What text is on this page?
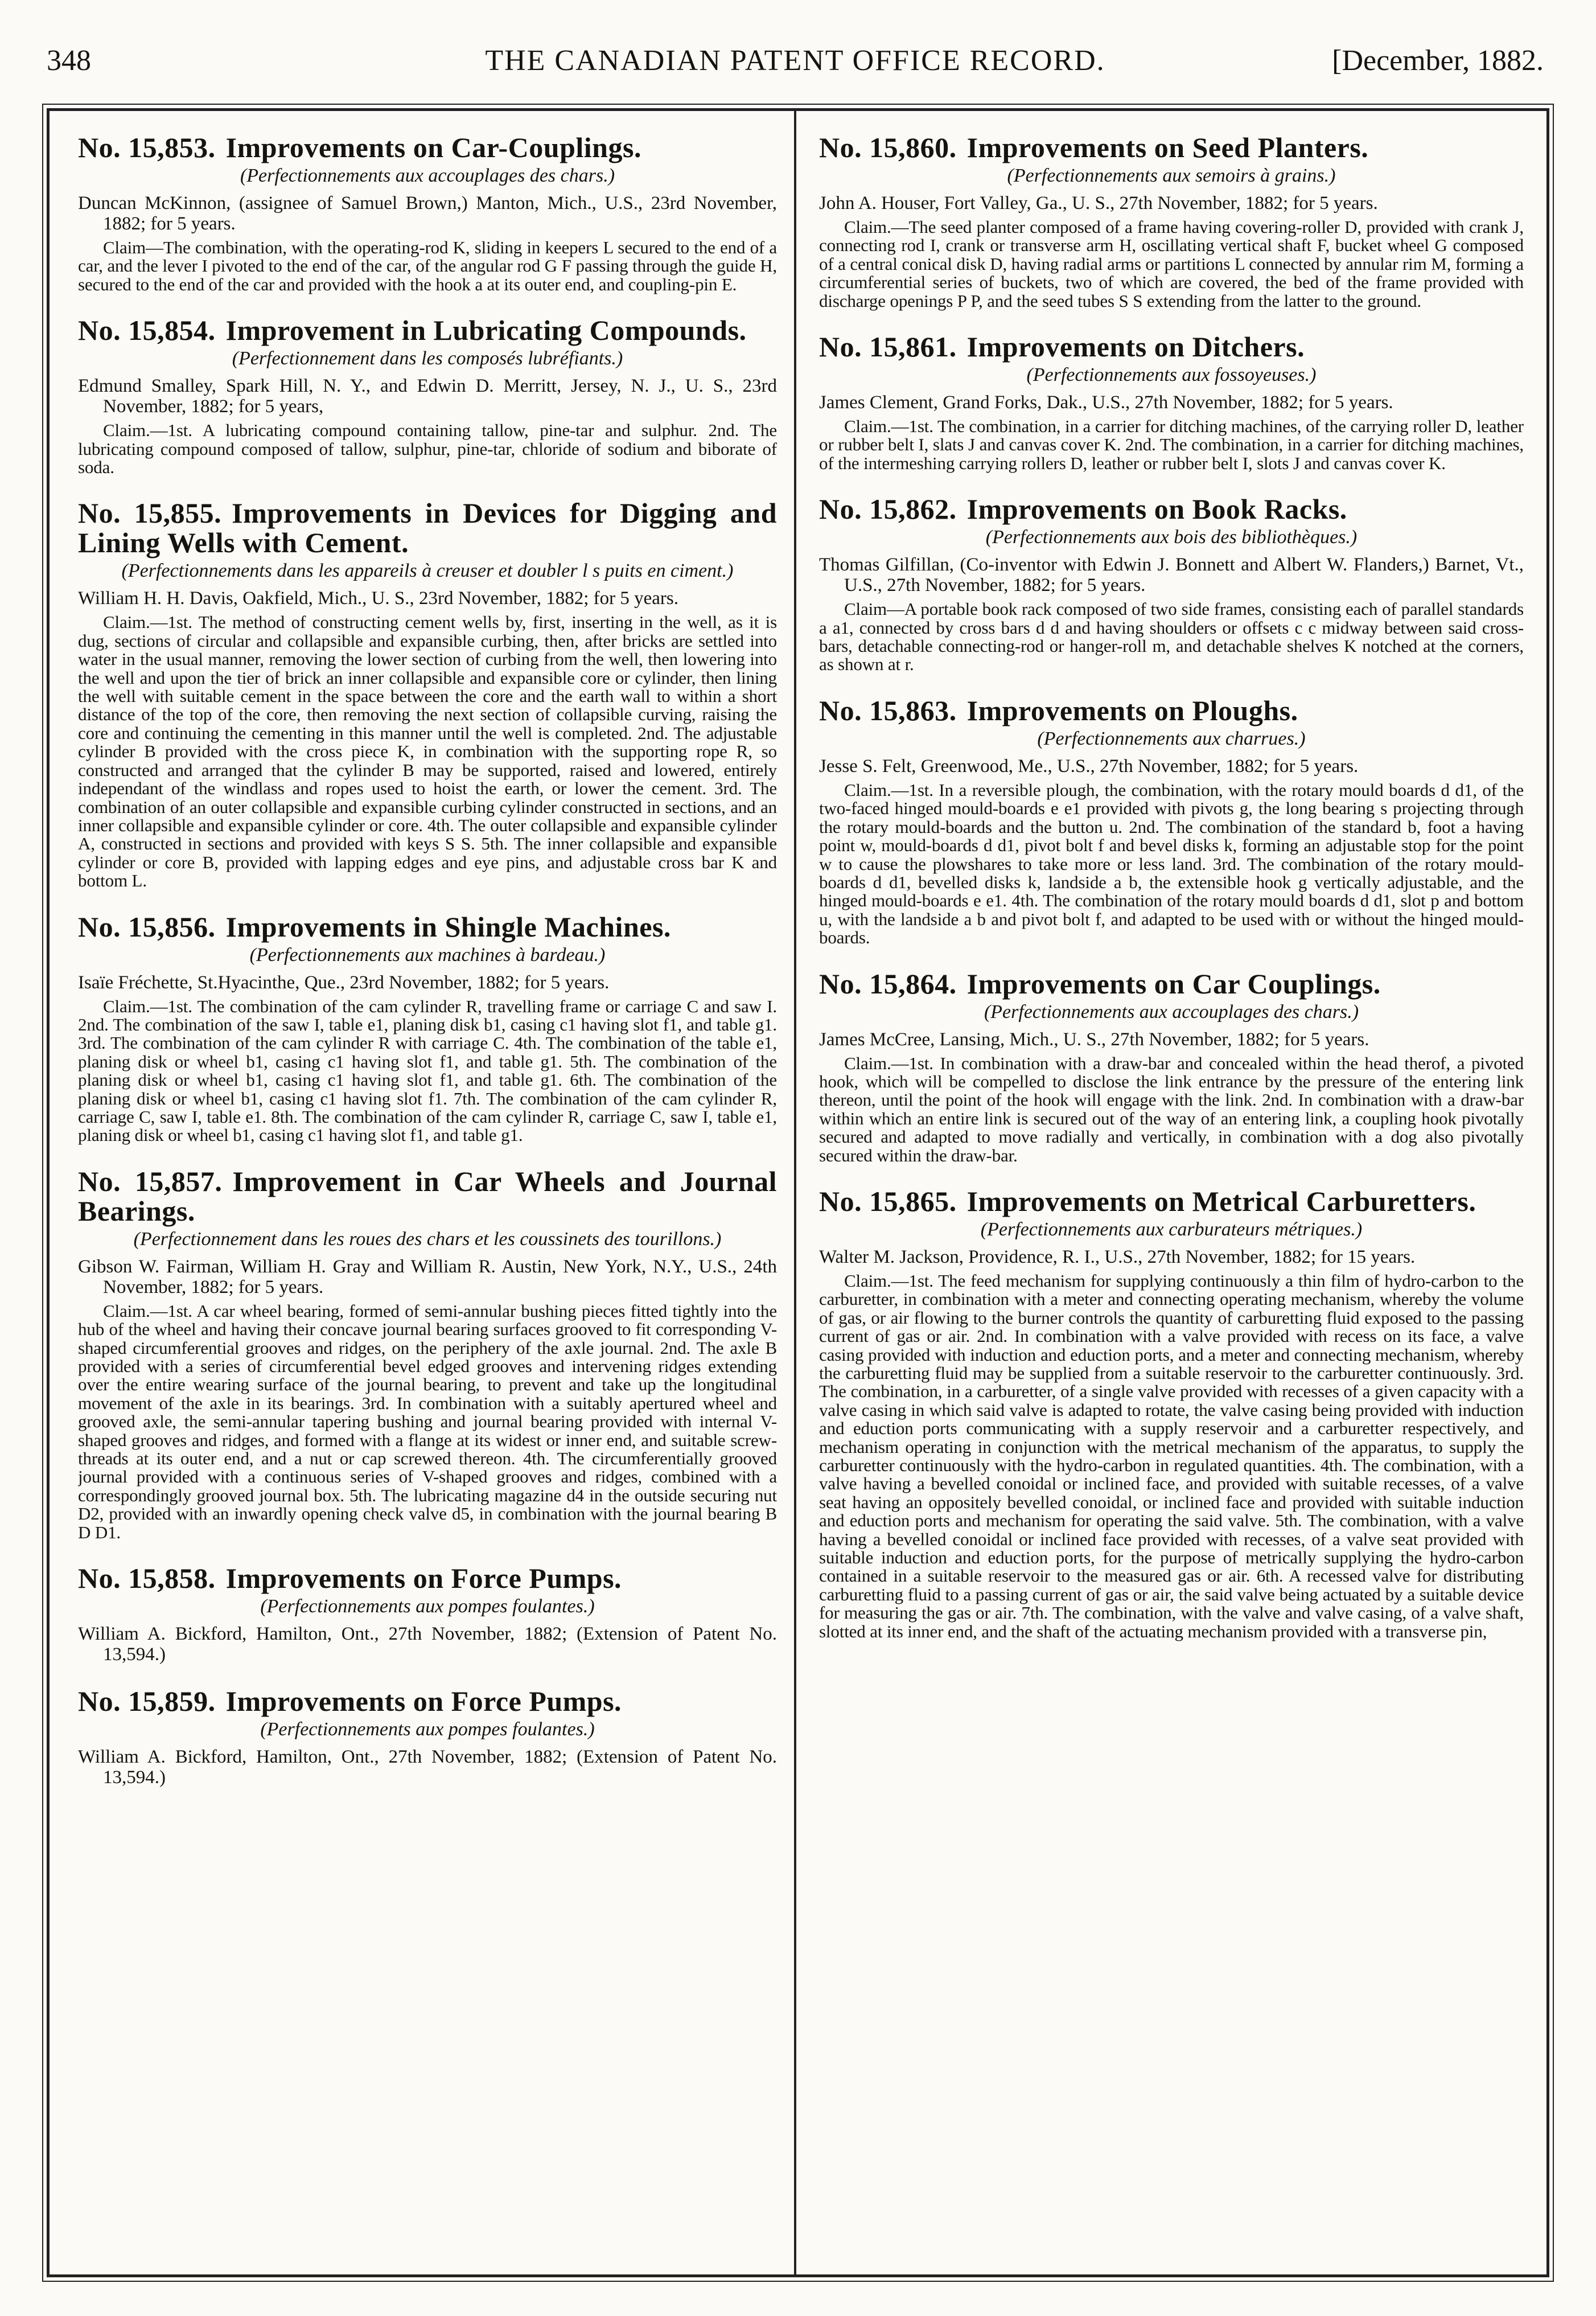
348	THE CANADIAN PATENT OFFICE RECORD.	[December, 1882.
No. 15,853. Improvements on Car-Couplings.
(Perfectionnements aux accouplages des chars.)

Duncan McKinnon, (assignee of Samuel Brown,) Manton, Mich., U.S., 23rd November, 1882; for 5 years.

Claim—The combination, with the operating-rod K, sliding in keepers L secured to the end of a car, and the lever I pivoted to the end of the car, of the angular rod G F passing through the guide H, secured to the end of the car and provided with the hook a at its outer end, and coupling-pin E.

No. 15,854. Improvement in Lubricating Compounds.
(Perfectionnement dans les composés lubréfiants.)

Edmund Smalley, Spark Hill, N. Y., and Edwin D. Merritt, Jersey, N. J., U. S., 23rd November, 1882; for 5 years,

Claim.—1st. A lubricating compound containing tallow, pine-tar and sulphur. 2nd. The lubricating compound composed of tallow, sulphur, pine-tar, chloride of sodium and biborate of soda.

No. 15,855. Improvements in Devices for Digging and Lining Wells with Cement.
(Perfectionnements dans les appareils à creuser et doubler l s puits en ciment.)

William H. H. Davis, Oakfield, Mich., U. S., 23rd November, 1882; for 5 years.

Claim.—1st. The method of constructing cement wells by, first, inserting in the well, as it is dug, sections of circular and collapsible and expansible curbing, then, after bricks are settled into water in the usual manner, removing the lower section of curbing from the well, then lowering into the well and upon the tier of brick an inner collapsible and expansible core or cylinder, then lining the well with suitable cement in the space between the core and the earth wall to within a short distance of the top of the core, then removing the next section of collapsible curving, raising the core and continuing the cementing in this manner until the well is completed. 2nd. The adjustable cylinder B provided with the cross piece K, in combination with the supporting rope R, so constructed and arranged that the cylinder B may be supported, raised and lowered, entirely independant of the windlass and ropes used to hoist the earth, or lower the cement. 3rd. The combination of an outer collapsible and expansible curbing cylinder constructed in sections, and an inner collapsible and expansible cylinder or core. 4th. The outer collapsible and expansible cylinder A, constructed in sections and provided with keys S S. 5th. The inner collapsible and expansible cylinder or core B, provided with lapping edges and eye pins, and adjustable cross bar K and bottom L.

No. 15,856. Improvements in Shingle Machines.
(Perfectionnements aux machines à bardeau.)

Isaïe Fréchette, St.Hyacinthe, Que., 23rd November, 1882; for 5 years.

Claim.—1st. The combination of the cam cylinder R, travelling frame or carriage C and saw I. 2nd. The combination of the saw I, table e1, planing disk b1, casing c1 having slot f1, and table g1. 3rd. The combination of the cam cylinder R with carriage C. 4th. The combination of the table e1, planing disk or wheel b1, casing c1 having slot f1, and table g1. 5th. The combination of the planing disk or wheel b1, casing c1 having slot f1, and table g1. 6th. The combination of the planing disk or wheel b1, casing c1 having slot f1. 7th. The combination of the cam cylinder R, carriage C, saw I, table e1. 8th. The combination of the cam cylinder R, carriage C, saw I, table e1, planing disk or wheel b1, casing c1 having slot f1, and table g1.

No. 15,857. Improvement in Car Wheels and Journal Bearings.
(Perfectionnement dans les roues des chars et les coussinets des tourillons.)

Gibson W. Fairman, William H. Gray and William R. Austin, New York, N.Y., U.S., 24th November, 1882; for 5 years.

Claim.—1st. A car wheel bearing, formed of semi-annular bushing pieces fitted tightly into the hub of the wheel and having their concave journal bearing surfaces grooved to fit corresponding V-shaped circumferential grooves and ridges, on the periphery of the axle journal. 2nd. The axle B provided with a series of circumferential bevel edged grooves and intervening ridges extending over the entire wearing surface of the journal bearing, to prevent and take up the longitudinal movement of the axle in its bearings. 3rd. In combination with a suitably apertured wheel and grooved axle, the semi-annular tapering bushing and journal bearing provided with internal V-shaped grooves and ridges, and formed with a flange at its widest or inner end, and suitable screw-threads at its outer end, and a nut or cap screwed thereon. 4th. The circumferentially grooved journal provided with a continuous series of V-shaped grooves and ridges, combined with a correspondingly grooved journal box. 5th. The lubricating magazine d4 in the outside securing nut D2, provided with an inwardly opening check valve d5, in combination with the journal bearing B D D1.

No. 15,858. Improvements on Force Pumps.
(Perfectionnements aux pompes foulantes.)

William A. Bickford, Hamilton, Ont., 27th November, 1882; (Extension of Patent No. 13,594.)

No. 15,859. Improvements on Force Pumps.
(Perfectionnements aux pompes foulantes.)

William A. Bickford, Hamilton, Ont., 27th November, 1882; (Extension of Patent No. 13,594.)

No. 15,860. Improvements on Seed Planters.
(Perfectionnements aux semoirs à grains.)

John A. Houser, Fort Valley, Ga., U. S., 27th November, 1882; for 5 years.

Claim.—The seed planter composed of a frame having covering-roller D, provided with crank J, connecting rod I, crank or transverse arm H, oscillating vertical shaft F, bucket wheel G composed of a central conical disk D, having radial arms or partitions L connected by annular rim M, forming a circumferential series of buckets, two of which are covered, the bed of the frame provided with discharge openings P P, and the seed tubes S S extending from the latter to the ground.

No. 15,861. Improvements on Ditchers.
(Perfectionnements aux fossoyeuses.)

James Clement, Grand Forks, Dak., U.S., 27th November, 1882; for 5 years.

Claim.—1st. The combination, in a carrier for ditching machines, of the carrying roller D, leather or rubber belt I, slats J and canvas cover K. 2nd. The combination, in a carrier for ditching machines, of the intermeshing carrying rollers D, leather or rubber belt I, slots J and canvas cover K.

No. 15,862. Improvements on Book Racks.
(Perfectionnements aux bois des bibliothèques.)

Thomas Gilfillan, (Co-inventor with Edwin J. Bonnett and Albert W. Flanders,) Barnet, Vt., U.S., 27th November, 1882; for 5 years.

Claim—A portable book rack composed of two side frames, consisting each of parallel standards a a1, connected by cross bars d d and having shoulders or offsets c c midway between said cross-bars, detachable connecting-rod or hanger-roll m, and detachable shelves K notched at the corners, as shown at r.

No. 15,863. Improvements on Ploughs.
(Perfectionnements aux charrues.)

Jesse S. Felt, Greenwood, Me., U.S., 27th November, 1882; for 5 years.

Claim.—1st. In a reversible plough, the combination, with the rotary mould boards d d1, of the two-faced hinged mould-boards e e1 provided with pivots g, the long bearing s projecting through the rotary mould-boards and the button u. 2nd. The combination of the standard b, foot a having point w, mould-boards d d1, pivot bolt f and bevel disks k, forming an adjustable stop for the point w to cause the plowshares to take more or less land. 3rd. The combination of the rotary mould-boards d d1, bevelled disks k, landside a b, the extensible hook g vertically adjustable, and the hinged mould-boards e e1. 4th. The combination of the rotary mould boards d d1, slot p and bottom u, with the landside a b and pivot bolt f, and adapted to be used with or without the hinged mould-boards.

No. 15,864. Improvements on Car Couplings.
(Perfectionnements aux accouplages des chars.)

James McCree, Lansing, Mich., U. S., 27th November, 1882; for 5 years.

Claim.—1st. In combination with a draw-bar and concealed within the head therof, a pivoted hook, which will be compelled to disclose the link entrance by the pressure of the entering link thereon, until the point of the hook will engage with the link. 2nd. In combination with a draw-bar within which an entire link is secured out of the way of an entering link, a coupling hook pivotally secured and adapted to move radially and vertically, in combination with a dog also pivotally secured within the draw-bar.

No. 15,865. Improvements on Metrical Carburetters.
(Perfectionnements aux carburateurs métriques.)

Walter M. Jackson, Providence, R. I., U.S., 27th November, 1882; for 15 years.

Claim.—1st. The feed mechanism for supplying continuously a thin film of hydro-carbon to the carburetter, in combination with a meter and connecting operating mechanism, whereby the volume of gas, or air flowing to the burner controls the quantity of carburetting fluid exposed to the passing current of gas or air. 2nd. In combination with a valve provided with recess on its face, a valve casing provided with induction and eduction ports, and a meter and connecting mechanism, whereby the carburetting fluid may be supplied from a suitable reservoir to the carburetter continuously. 3rd. The combination, in a carburetter, of a single valve provided with recesses of a given capacity with a valve casing in which said valve is adapted to rotate, the valve casing being provided with induction and eduction ports communicating with a supply reservoir and a carburetter respectively, and mechanism operating in conjunction with the metrical mechanism of the apparatus, to supply the carburetter continuously with the hydro-carbon in regulated quantities. 4th. The combination, with a valve having a bevelled conoidal or inclined face, and provided with suitable recesses, of a valve seat having an oppositely bevelled conoidal, or inclined face and provided with suitable induction and eduction ports and mechanism for operating the said valve. 5th. The combination, with a valve having a bevelled conoidal or inclined face provided with recesses, of a valve seat provided with suitable induction and eduction ports, for the purpose of metrically supplying the hydro-carbon contained in a suitable reservoir to the measured gas or air. 6th. A recessed valve for distributing carburetting fluid to a passing current of gas or air, the said valve being actuated by a suitable device for measuring the gas or air. 7th. The combination, with the valve and valve casing, of a valve shaft, slotted at its inner end, and the shaft of the actuating mechanism provided with a transverse pin,
